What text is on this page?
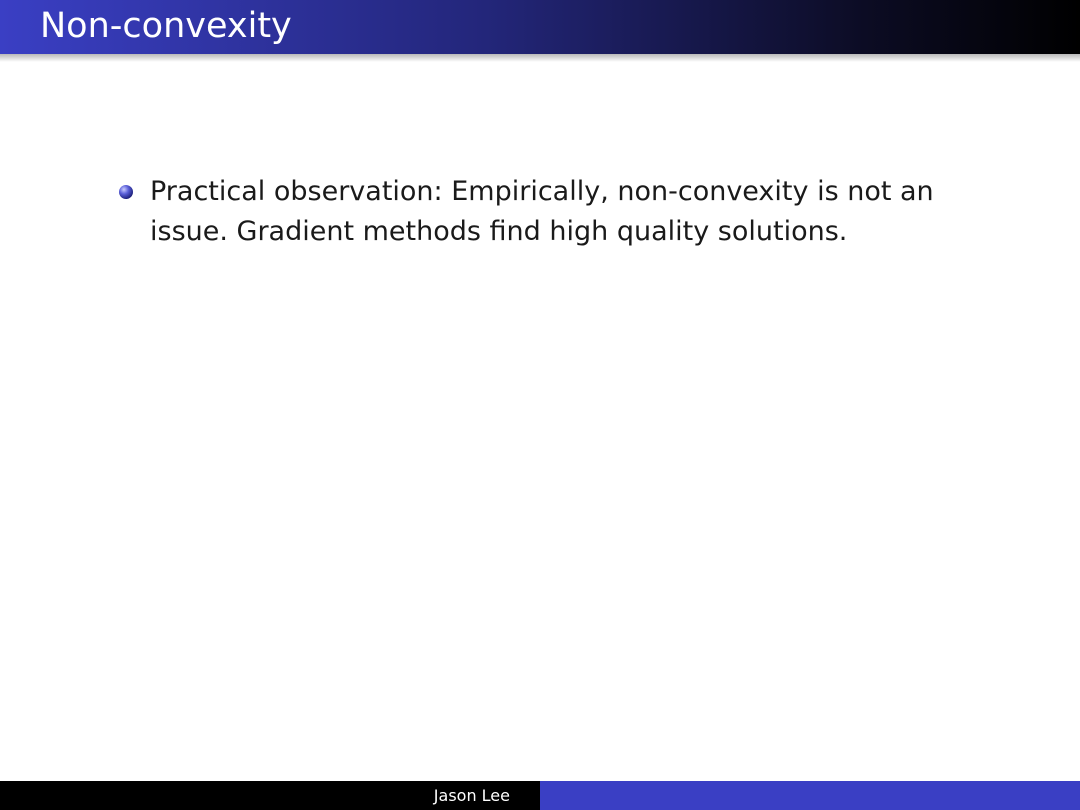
Non-convexity
Practical observation: Empirically, non-convexity is not an issue. Gradient methods find high quality solutions.
Jason Lee
